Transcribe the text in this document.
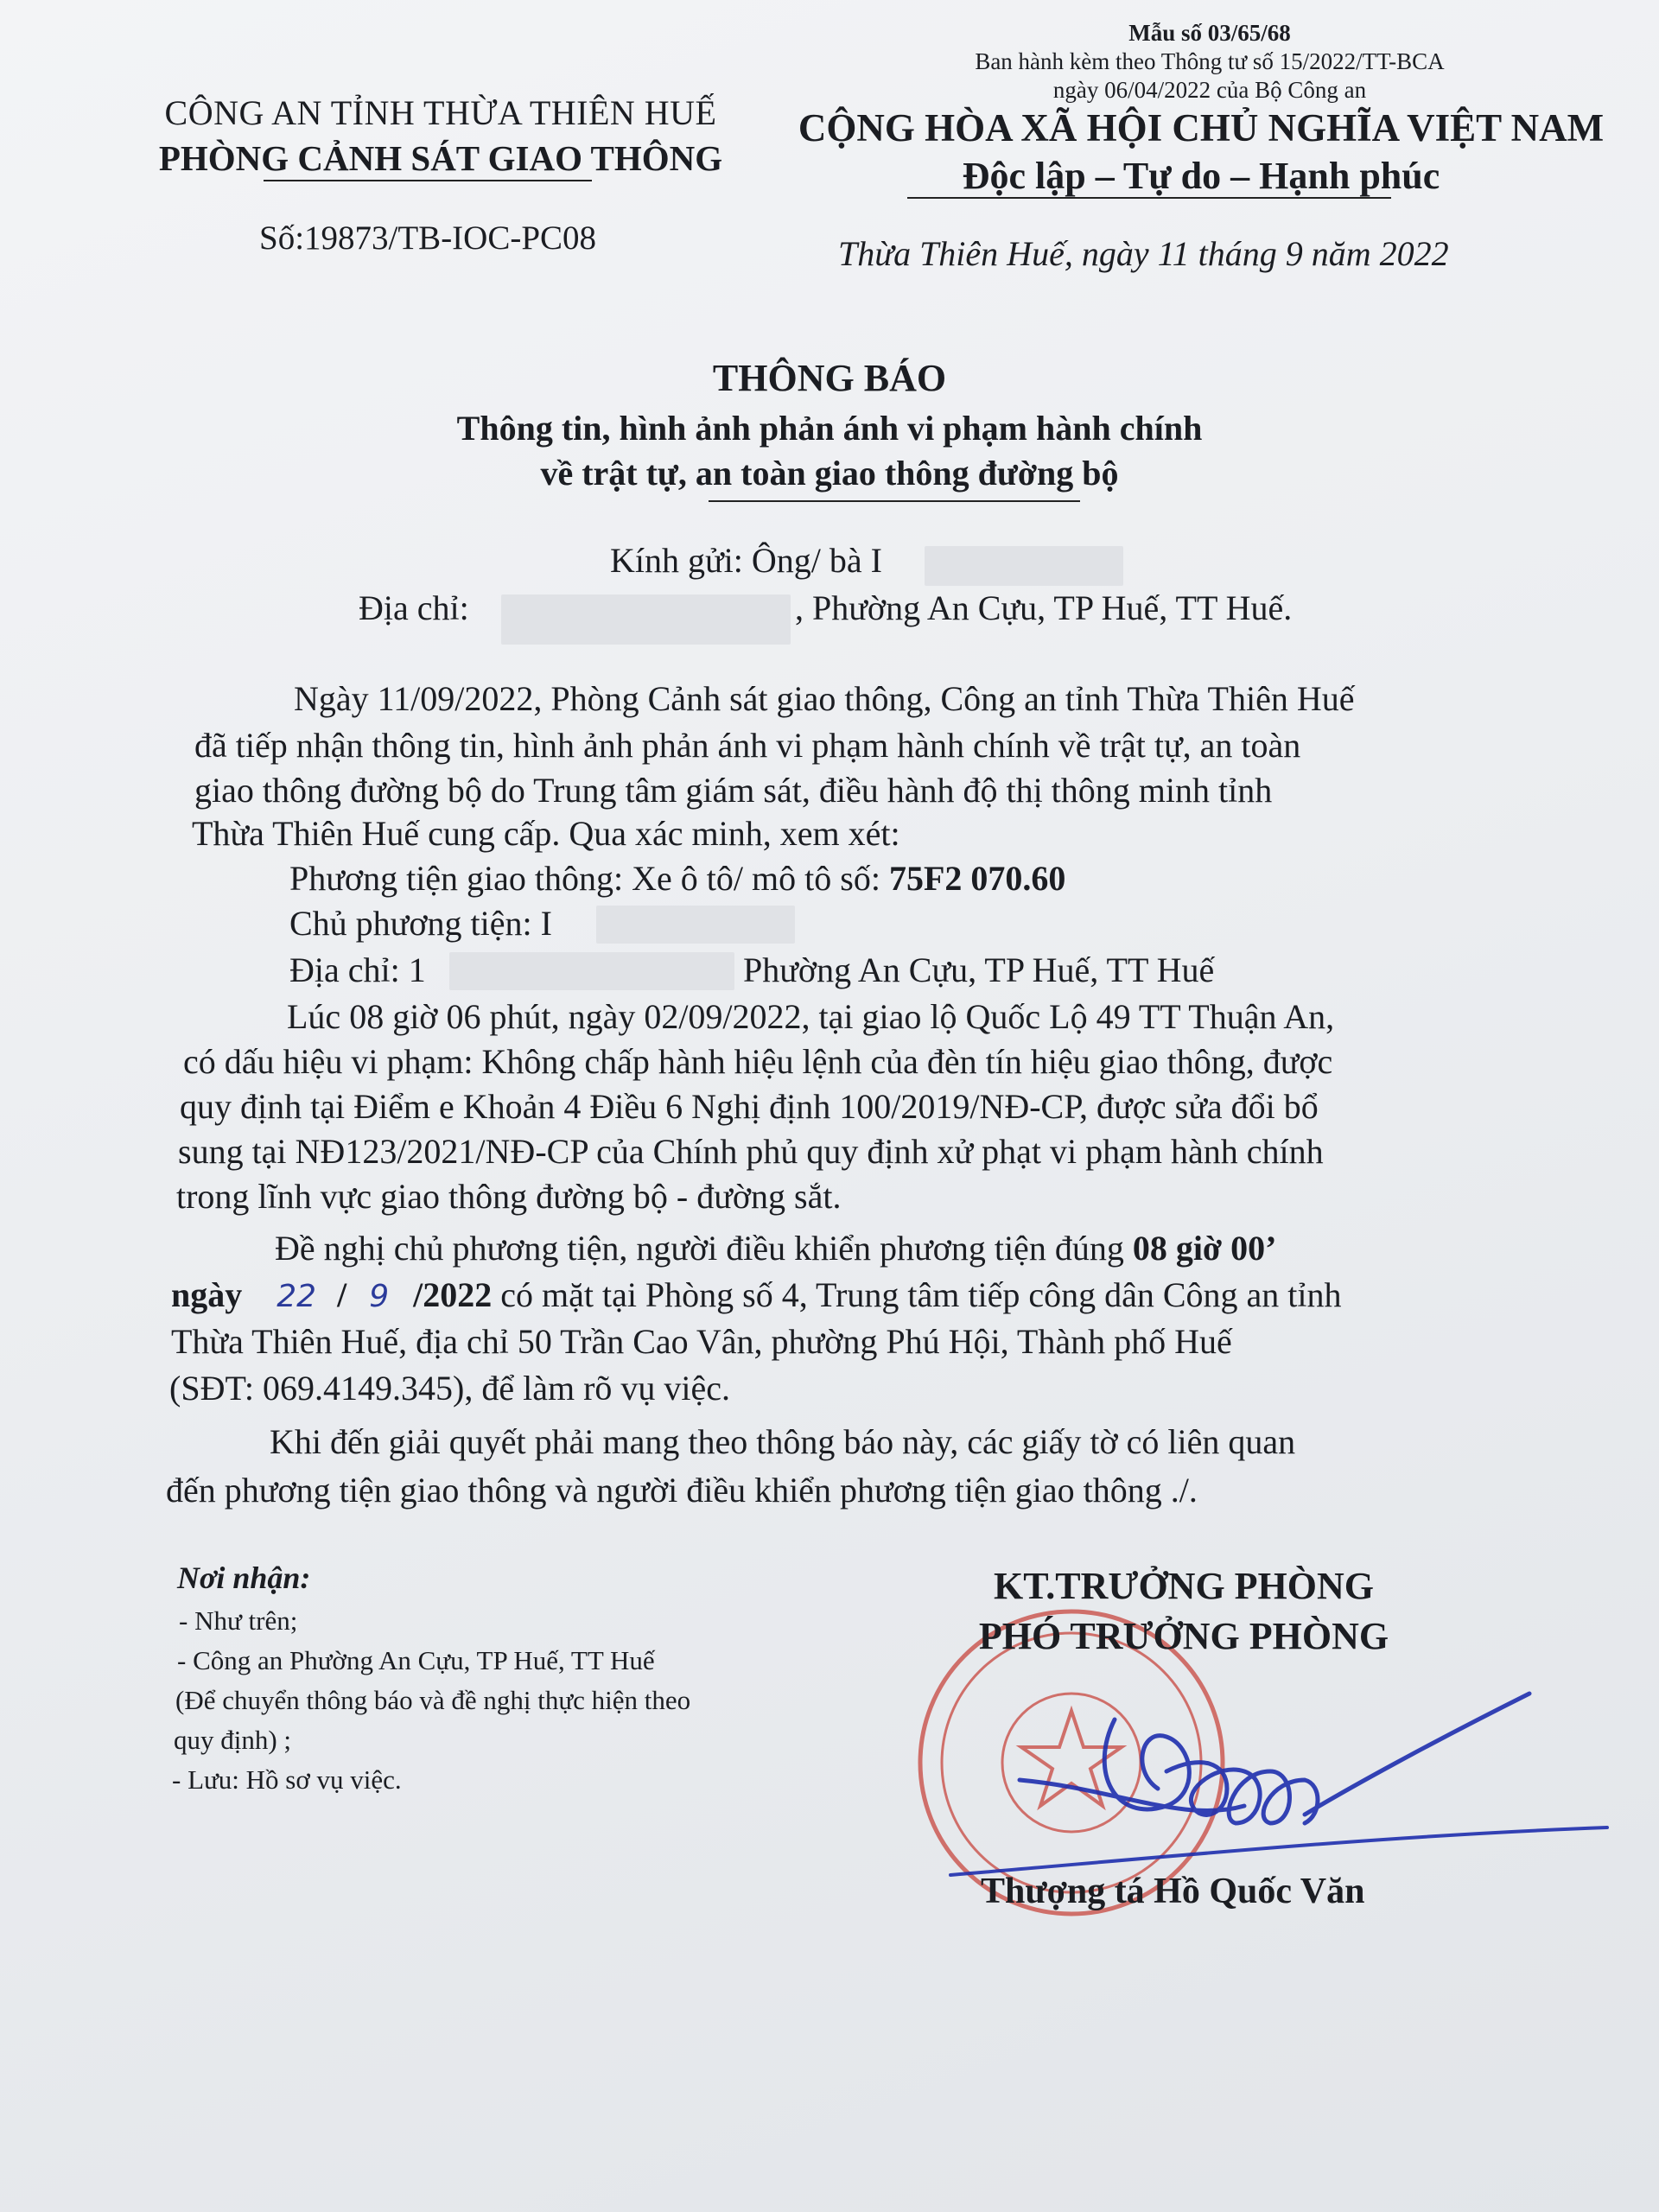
Mẫu số 03/65/68
Ban hành kèm theo Thông tư số 15/2022/TT-BCA
ngày 06/04/2022 của Bộ Công an
CÔNG AN TỈNH THỪA THIÊN HUẾ
PHÒNG CẢNH SÁT GIAO THÔNG
Số:19873/TB-IOC-PC08
CỘNG HÒA XÃ HỘI CHỦ NGHĨA VIỆT NAM
Độc lập – Tự do – Hạnh phúc
Thừa Thiên Huế, ngày 11 tháng 9 năm 2022
THÔNG BÁO
Thông tin, hình ảnh phản ánh vi phạm hành chính
về trật tự, an toàn giao thông đường bộ
Kính gửi: Ông/ bà I
Địa chỉ:	, Phường An Cựu, TP Huế, TT Huế.
Ngày 11/09/2022, Phòng Cảnh sát giao thông, Công an tỉnh Thừa Thiên Huế
đã tiếp nhận thông tin, hình ảnh phản ánh vi phạm hành chính về trật tự, an toàn
giao thông đường bộ do Trung tâm giám sát, điều hành độ thị thông minh tỉnh
Thừa Thiên Huế cung cấp. Qua xác minh, xem xét:
Phương tiện giao thông: Xe ô tô/ mô tô số: 75F2 070.60
Chủ phương tiện: I
Địa chỉ: 1	Phường An Cựu, TP Huế, TT Huế
Lúc 08 giờ 06 phút, ngày 02/09/2022, tại giao lộ Quốc Lộ 49 TT Thuận An,
có dấu hiệu vi phạm: Không chấp hành hiệu lệnh của đèn tín hiệu giao thông, được
quy định tại Điểm e Khoản 4 Điều 6 Nghị định 100/2019/NĐ-CP, được sửa đổi bổ
sung tại NĐ123/2021/NĐ-CP của Chính phủ quy định xử phạt vi phạm hành chính
trong lĩnh vực giao thông đường bộ - đường sắt.
Đề nghị chủ phương tiện, người điều khiển phương tiện đúng 08 giờ 00’
ngày 22 / 9 /2022 có mặt tại Phòng số 4, Trung tâm tiếp công dân Công an tỉnh
Thừa Thiên Huế, địa chỉ 50 Trần Cao Vân, phường Phú Hội, Thành phố Huế
(SĐT: 069.4149.345), để làm rõ vụ việc.
Khi đến giải quyết phải mang theo thông báo này, các giấy tờ có liên quan
đến phương tiện giao thông và người điều khiển phương tiện giao thông ./.
Nơi nhận:
- Như trên;
- Công an Phường An Cựu, TP Huế, TT Huế
(Để chuyển thông báo và đề nghị thực hiện theo
quy định) ;
- Lưu: Hồ sơ vụ việc.
KT.TRƯỞNG PHÒNG
PHÓ TRƯỞNG PHÒNG
Thượng tá Hồ Quốc Văn
